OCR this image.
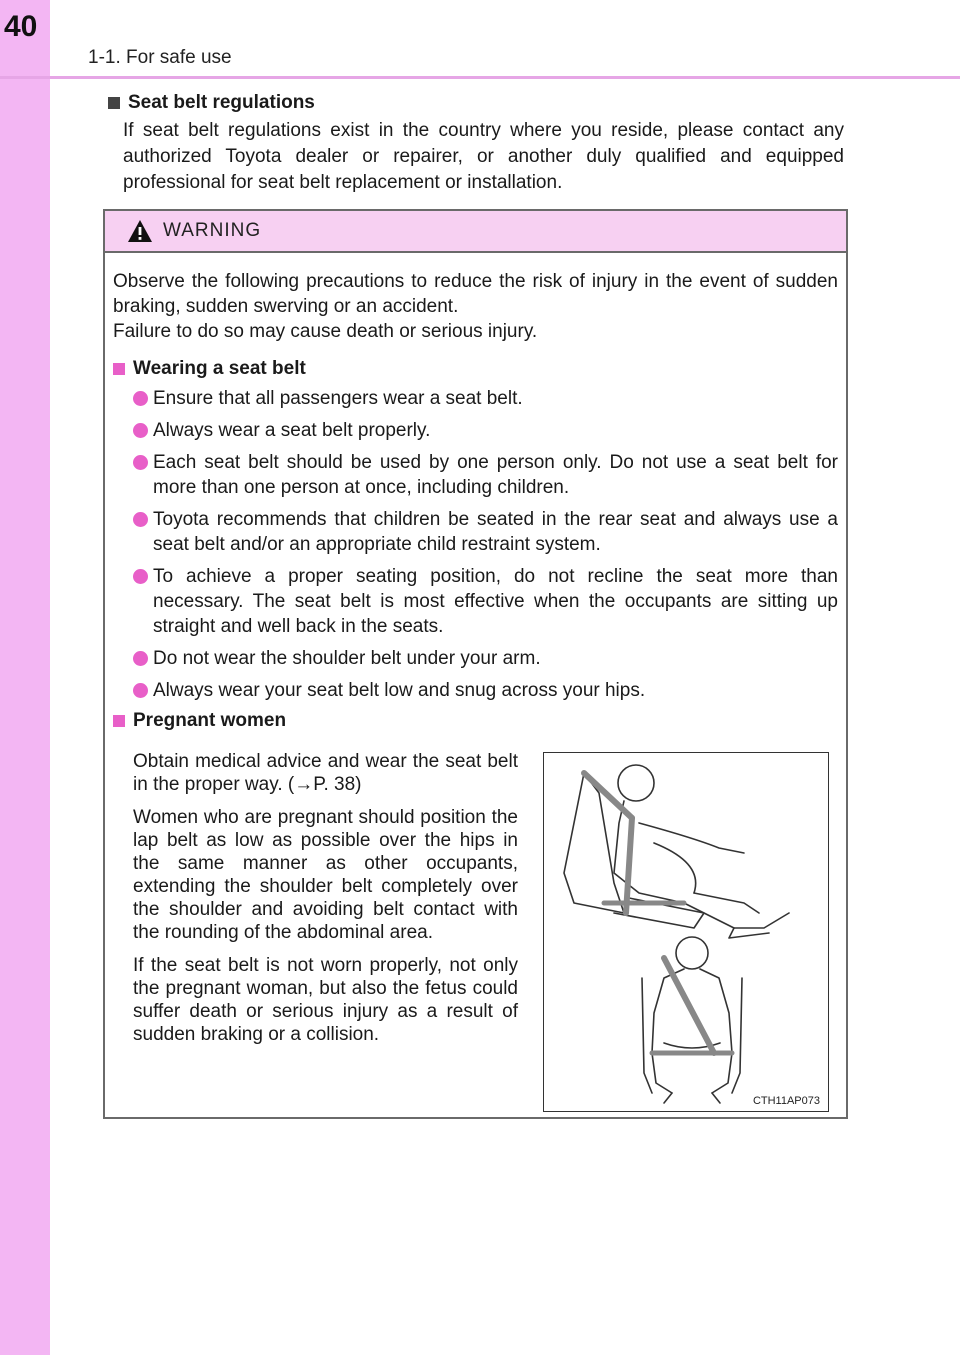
40
1-1. For safe use
Seat belt regulations

If seat belt regulations exist in the country where you reside, please contact any authorized Toyota dealer or repairer, or another duly qualified and equipped professional for seat belt replacement or installation.

WARNING

Observe the following precautions to reduce the risk of injury in the event of sudden braking, sudden swerving or an accident.

Failure to do so may cause death or serious injury.

Wearing a seat belt
Ensure that all passengers wear a seat belt.
Always wear a seat belt properly.
Each seat belt should be used by one person only. Do not use a seat belt for more than one person at once, including children.
Toyota recommends that children be seated in the rear seat and always use a seat belt and/or an appropriate child restraint system.
To achieve a proper seating position, do not recline the seat more than necessary. The seat belt is most effective when the occupants are sitting up straight and well back in the seats.
Do not wear the shoulder belt under your arm.
Always wear your seat belt low and snug across your hips.
Pregnant women

Obtain medical advice and wear the seat belt in the proper way. (→P. 38)

Women who are pregnant should position the lap belt as low as possible over the hips in the same manner as other occupants, extending the shoulder belt completely over the shoulder and avoiding belt contact with the rounding of the abdominal area.

If the seat belt is not worn properly, not only the pregnant woman, but also the fetus could suffer death or serious injury as a result of sudden braking or a collision.

CTH11AP073
